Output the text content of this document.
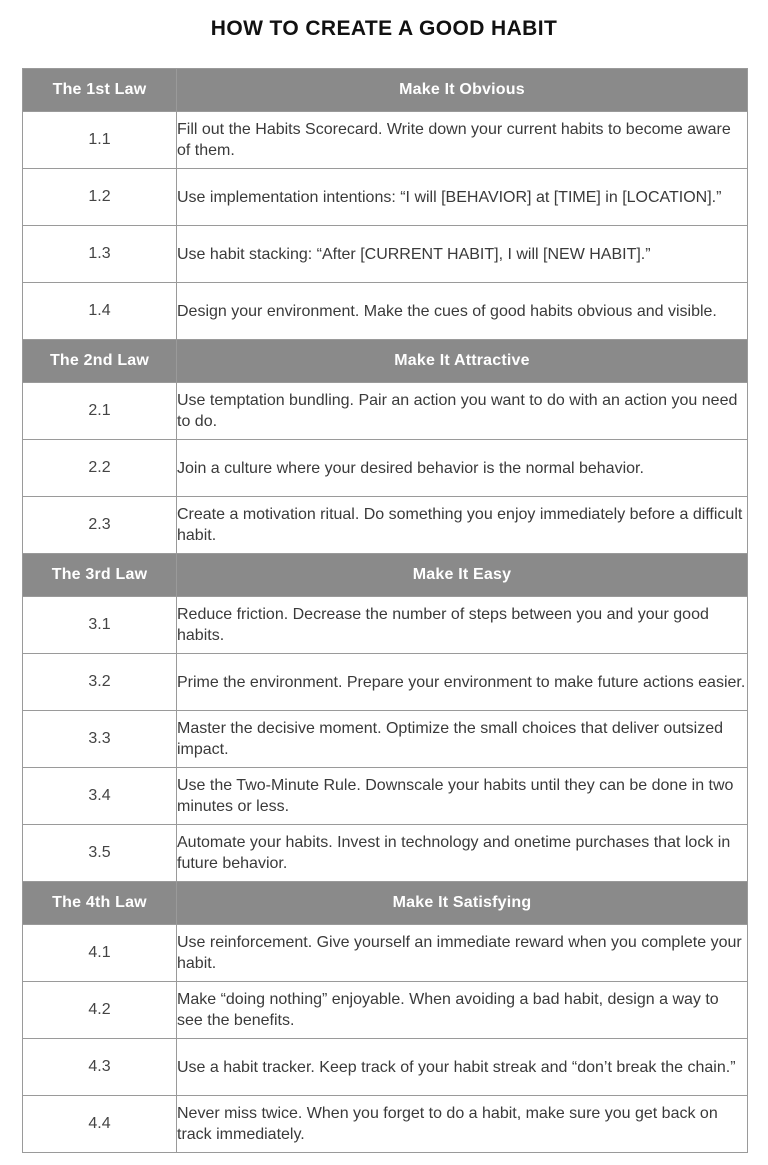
HOW TO CREATE A GOOD HABIT
The 1st Law	Make It Obvious
1.1	Fill out the Habits Scorecard. Write down your current habits to become aware of them.
1.2	Use implementation intentions: “I will [BEHAVIOR] at [TIME] in [LOCATION].”
1.3	Use habit stacking: “After [CURRENT HABIT], I will [NEW HABIT].”
1.4	Design your environment. Make the cues of good habits obvious and visible.
The 2nd Law	Make It Attractive
2.1	Use temptation bundling. Pair an action you want to do with an action you need to do.
2.2	Join a culture where your desired behavior is the normal behavior.
2.3	Create a motivation ritual. Do something you enjoy immediately before a difficult habit.
The 3rd Law	Make It Easy
3.1	Reduce friction. Decrease the number of steps between you and your good habits.
3.2	Prime the environment. Prepare your environment to make future actions easier.
3.3	Master the decisive moment. Optimize the small choices that deliver outsized impact.
3.4	Use the Two-Minute Rule. Downscale your habits until they can be done in two minutes or less.
3.5	Automate your habits. Invest in technology and onetime purchases that lock in future behavior.
The 4th Law	Make It Satisfying
4.1	Use reinforcement. Give yourself an immediate reward when you complete your habit.
4.2	Make “doing nothing” enjoyable. When avoiding a bad habit, design a way to see the benefits.
4.3	Use a habit tracker. Keep track of your habit streak and “don’t break the chain.”
4.4	Never miss twice. When you forget to do a habit, make sure you get back on track immediately.
